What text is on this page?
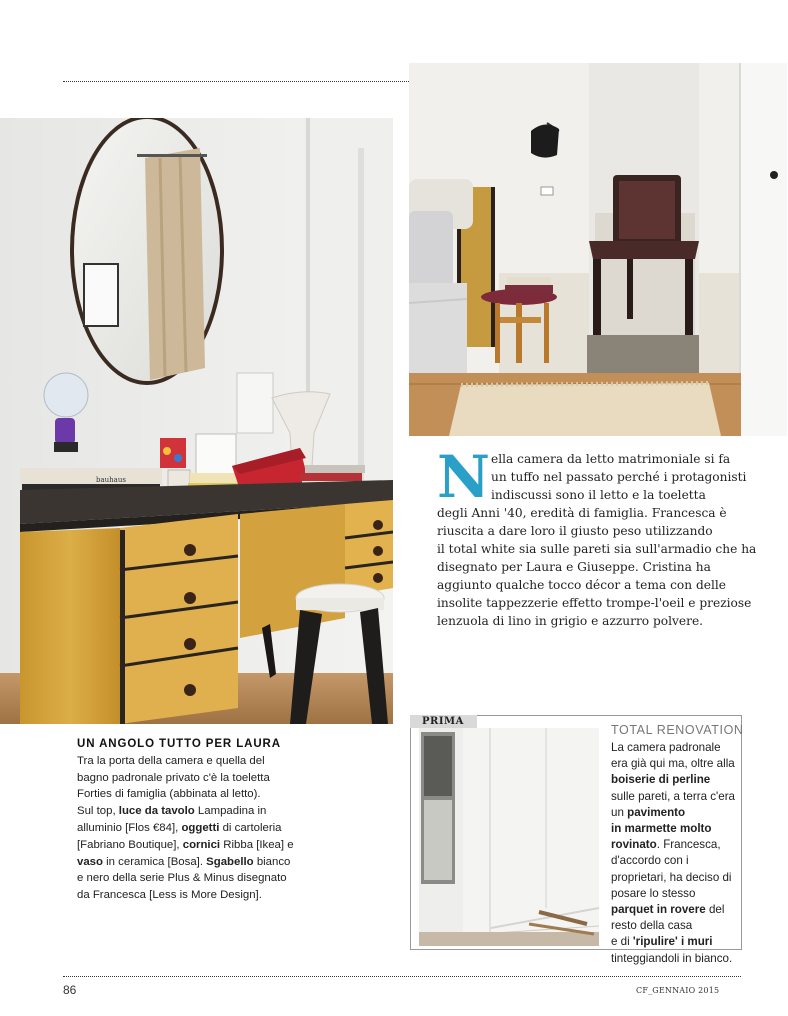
bauhaus	N ella camera da letto matrimoniale si fa
un tuffo nel passato perché i protagonisti
indiscussi sono il letto e la toeletta
degli Anni '40, eredità di famiglia. Francesca è
riuscita a dare loro il giusto peso utilizzando
il total white sia sulle pareti sia sull'armadio che ha
disegnato per Laura e Giuseppe. Cristina ha
aggiunto qualche tocco décor a tema con delle
insolite tappezzerie effetto trompe-l'oeil e preziose
lenzuola di lino in grigio e azzurro polvere.
UN ANGOLO TUTTO PER LAURA
Tra la porta della camera e quella del
bagno padronale privato c'è la toeletta
Forties di famiglia (abbinata al letto).
Sul top, luce da tavolo Lampadina in
alluminio [Flos €84], oggetti di cartoleria
[Fabriano Boutique], cornici Ribba [Ikea] e
vaso in ceramica [Bosa]. Sgabello bianco
e nero della serie Plus & Minus disegnato
da Francesca [Less is More Design].
PRIMA
TOTAL RENOVATION
La camera padronale
era già qui ma, oltre alla
boiserie di perline
sulle pareti, a terra c'era
un pavimento
in marmette molto
rovinato. Francesca,
d'accordo con i
proprietari, ha deciso di
posare lo stesso
parquet in rovere del
resto della casa
e di 'ripulire' i muri
tinteggiandoli in bianco.
86	CF_GENNAIO 2015
